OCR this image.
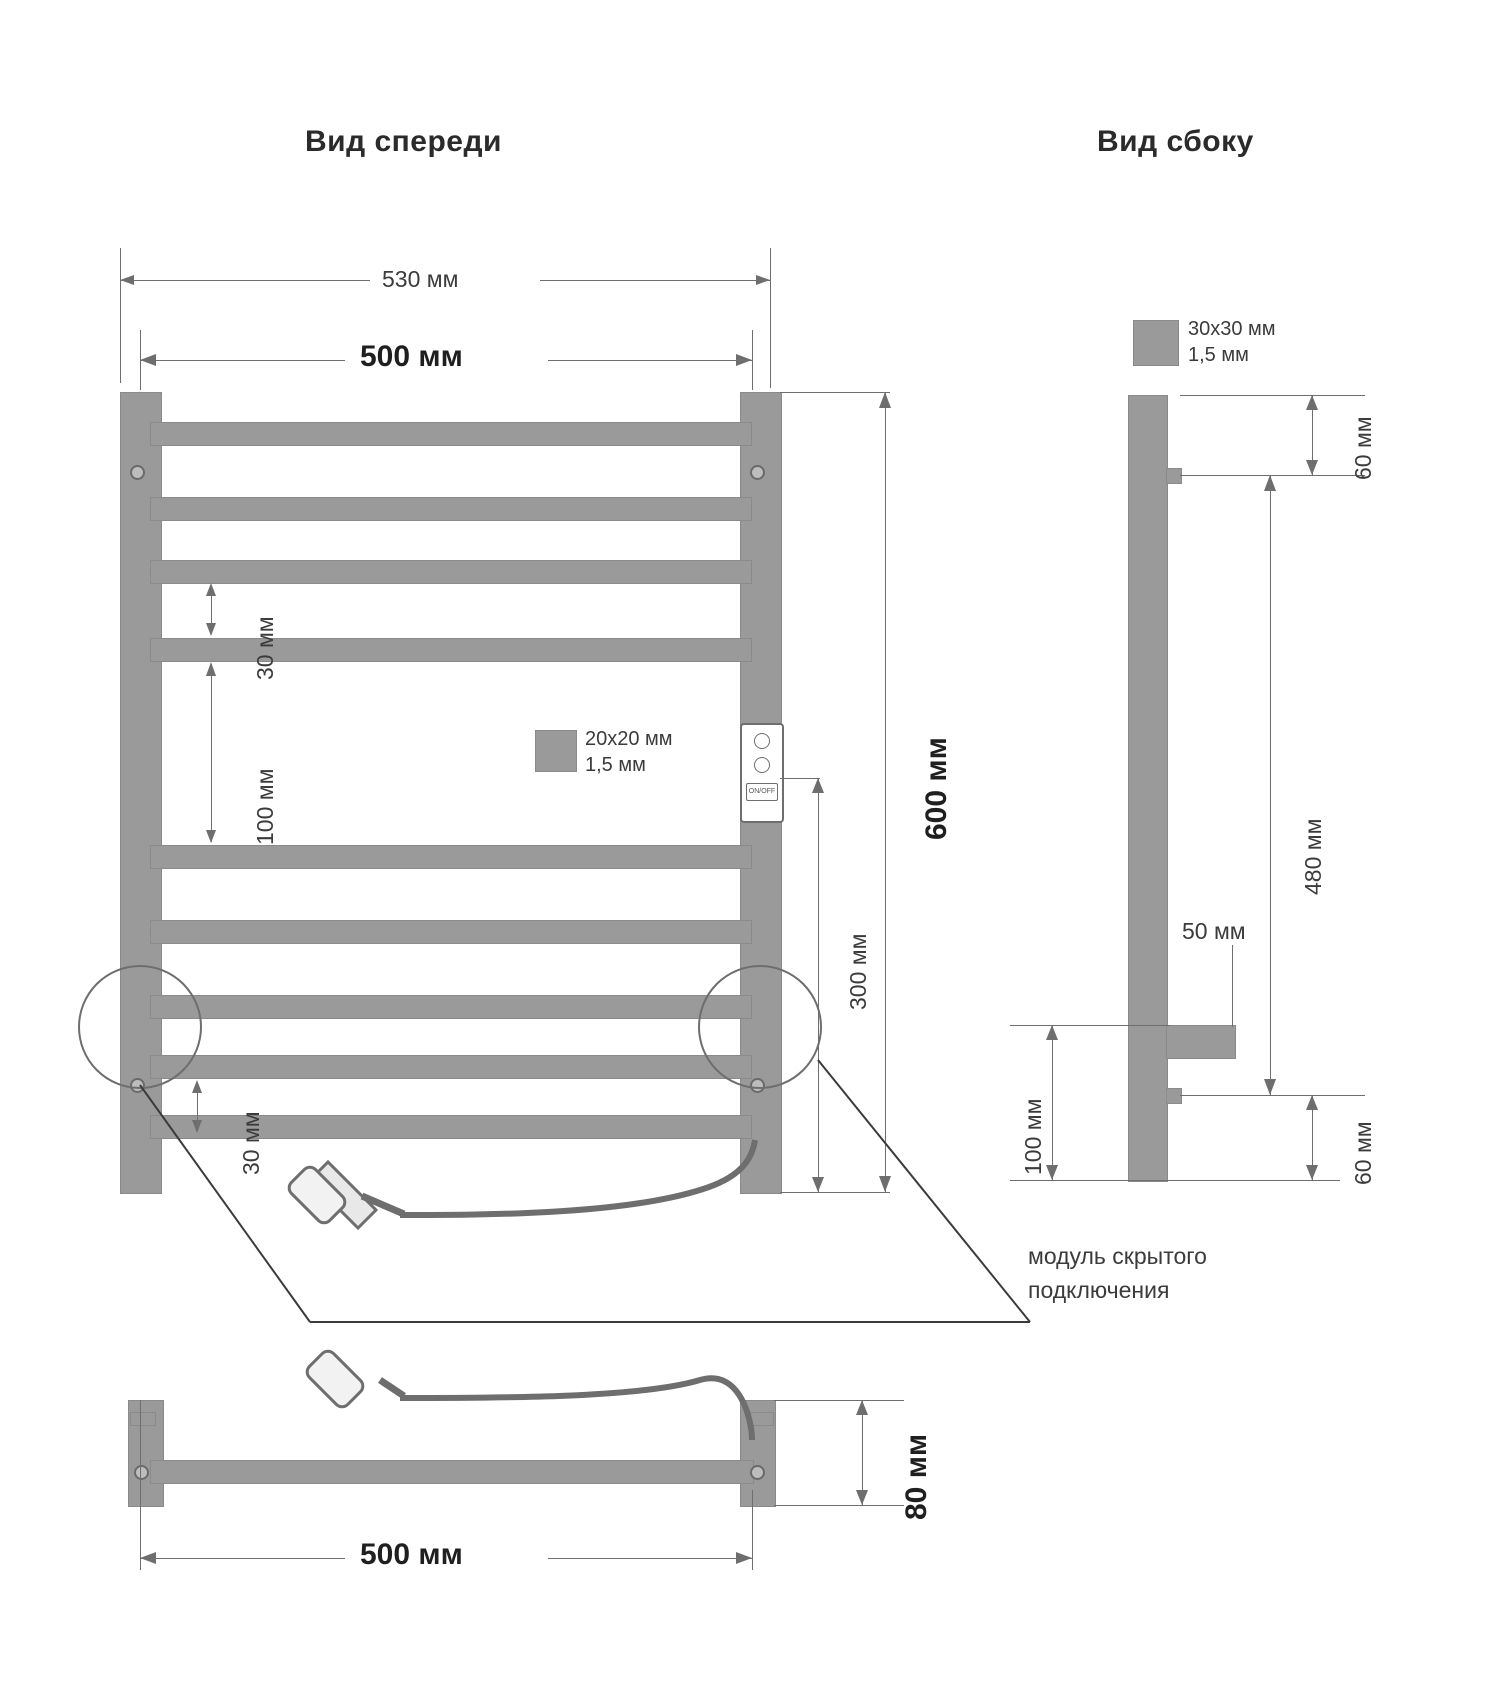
Вид спереди	Вид сбоку
530 мм
500 мм
30 мм
100 мм
30 мм
20x20 мм
1,5 мм
ON/OFF	600 мм
300 мм
30x30 мм
1,5 мм
60 мм
480 мм
50 мм
100 мм	60 мм
модуль скрытого
подключения
80 мм
500 мм
